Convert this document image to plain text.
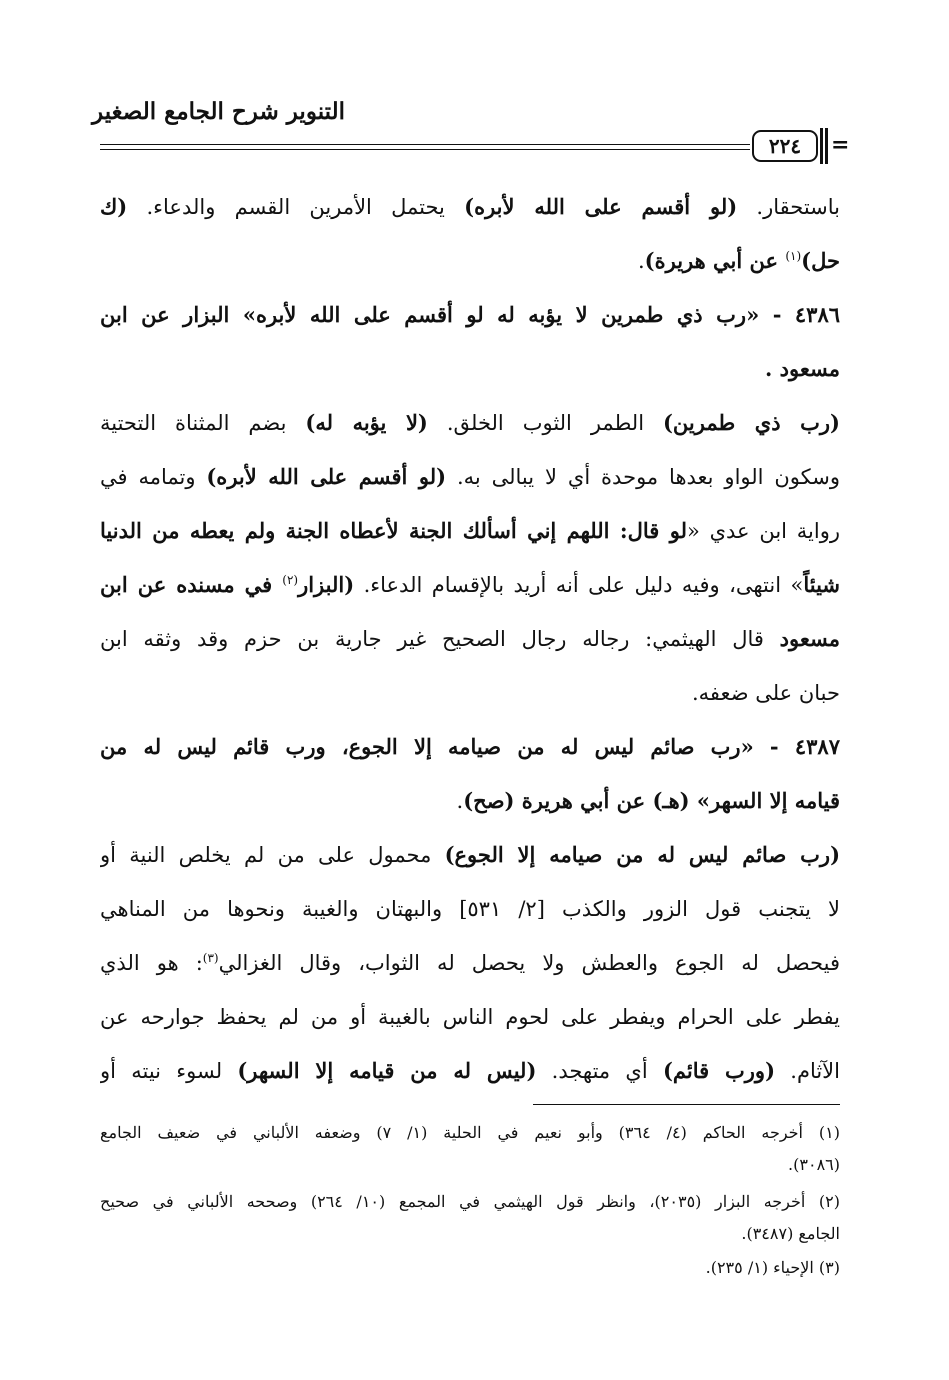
التنوير شرح الجامع الصغير
٢٢٤	=
باستحقار. (لو أقسم على الله لأبره) يحتمل الأمرين القسم والدعاء. (ك
حل)$^{(١)}$ عن أبي هريرة).
٤٣٨٦ - «رب ذي طمرين لا يؤبه له لو أقسم على الله لأبره» البزار عن ابن
مسعود .
(رب ذي طمرين) الطمر الثوب الخلق. (لا يؤبه له) بضم المثناة التحتية
وسكون الواو بعدها موحدة أي لا يبالى به. (لو أقسم على الله لأبره) وتمامه في
رواية ابن عدي «لو قال: اللهم إني أسألك الجنة لأعطاه الجنة ولم يعطه من الدنيا
شيئاً» انتهى، وفيه دليل على أنه أريد بالإقسام الدعاء. (البزار$^{(٢)}$ في مسنده عن ابن
مسعود قال الهيثمي: رجاله رجال الصحيح غير جارية بن حزم وقد وثقه ابن
حبان على ضعفه.
٤٣٨٧ - «رب صائم ليس له من صيامه إلا الجوع، ورب قائم ليس له من
قيامه إلا السهر» (هـ) عن أبي هريرة (صح).
(رب صائم ليس له من صيامه إلا الجوع) محمول على من لم يخلص النية أو
لا يتجنب قول الزور والكذب [٢/ ٥٣١] والبهتان والغيبة ونحوها من المناهي
فيحصل له الجوع والعطش ولا يحصل له الثواب، وقال الغزالي$^{(٣)}$: هو الذي
يفطر على الحرام ويفطر على لحوم الناس بالغيبة أو من لم يحفظ جوارحه عن
الآثام. (ورب قائم) أي متهجد. (ليس له من قيامه إلا السهر) لسوء نيته أو
(١) أخرجه الحاكم (٤/ ٣٦٤) وأبو نعيم في الحلية (١/ ٧) وضعفه الألباني في ضعيف الجامع
(٣٠٨٦).
(٢) أخرجه البزار (٢٠٣٥)، وانظر قول الهيثمي في المجمع (١٠/ ٢٦٤) وصححه الألباني في صحيح
الجامع (٣٤٨٧).
(٣) الإحياء (١/ ٢٣٥).
